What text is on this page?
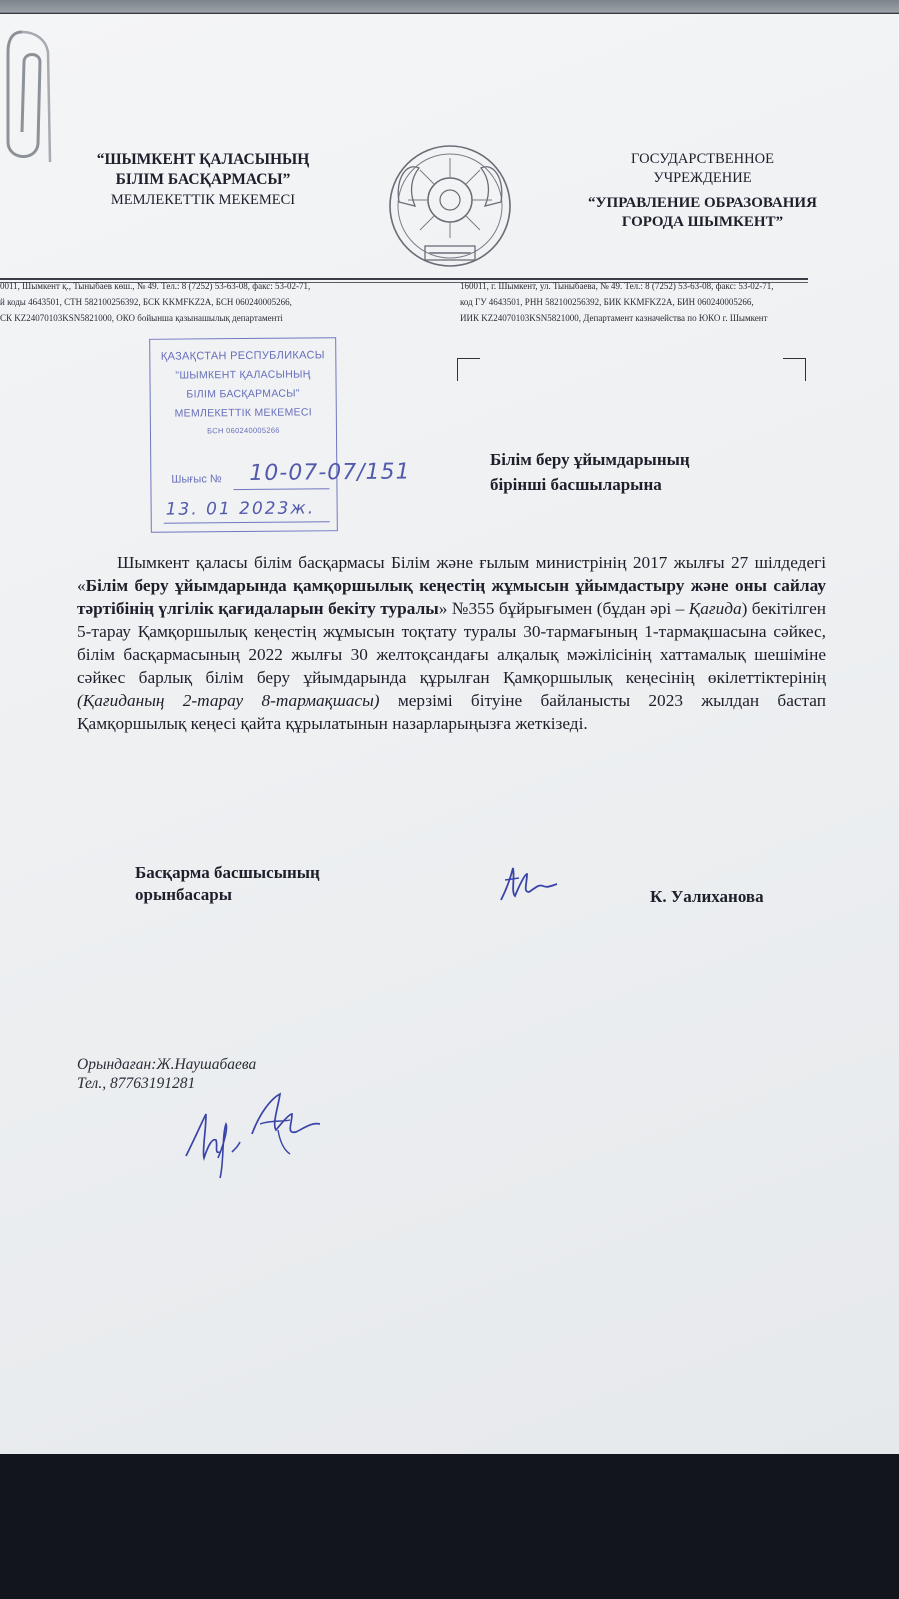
“ШЫМКЕНТ ҚАЛАСЫНЫҢ
БІЛІМ БАСҚАРМАСЫ”
МЕМЛЕКЕТТІК МЕКЕМЕСІ
ГОСУДАРСТВЕННОЕ
УЧРЕЖДЕНИЕ
“УПРАВЛЕНИЕ ОБРАЗОВАНИЯ
ГОРОДА ШЫМКЕНТ”
0011, Шымкент қ., Тыныбаев көш., № 49. Тел.: 8 (7252) 53-63-08, факс: 53-02-71,
й коды 4643501, СТН 582100256392, БСК KKMFKZ2A, БСН 060240005266,
СК KZ24070103KSN5821000, ОКО бойынша қазынашылық департаменті
160011, г. Шымкент, ул. Тыныбаева, № 49. Тел.: 8 (7252) 53-63-08, факс: 53-02-71,
код ГУ 4643501, РНН 582100256392, БИК KKMFKZ2A, БИН 060240005266,
ИИК KZ24070103KSN5821000, Департамент казначейства по ЮКО г. Шымкент
ҚАЗАҚСТАН РЕСПУБЛИКАСЫ
"ШЫМКЕНТ ҚАЛАСЫНЫҢ
БІЛІМ БАСҚАРМАСЫ"
МЕМЛЕКЕТТІК МЕКЕМЕСІ
БСН 060240005266
Шығыс № 10-07-07/151
13. 01 2023ж.
Білім беру ұйымдарының
бірінші басшыларына
Шымкент қаласы білім басқармасы Білім және ғылым министрінің 2017 жылғы 27 шілдедегі «Білім беру ұйымдарында қамқоршылық кеңестің жұмысын ұйымдастыру және оны сайлау тәртібінің үлгілік қағидаларын бекіту туралы» №355 бұйрығымен (бұдан әрі – Қағида) бекітілген 5-тарау Қамқоршылық кеңестің жұмысын тоқтату туралы 30-тармағының 1-тармақшасына сәйкес, білім басқармасының 2022 жылғы 30 желтоқсандағы алқалық мәжілісінің хаттамалық шешіміне сәйкес барлық білім беру ұйымдарында құрылған Қамқоршылық кеңесінің өкілеттіктерінің (Қағиданың 2-тарау 8-тармақшасы) мерзімі бітуіне байланысты 2023 жылдан бастап Қамқоршылық кеңесі қайта құрылатынын назарларыңызға жеткізеді.
Басқарма басшысының
орынбасары	К. Уалиханова
Орындаған:Ж.Наушабаева
Тел., 87763191281
